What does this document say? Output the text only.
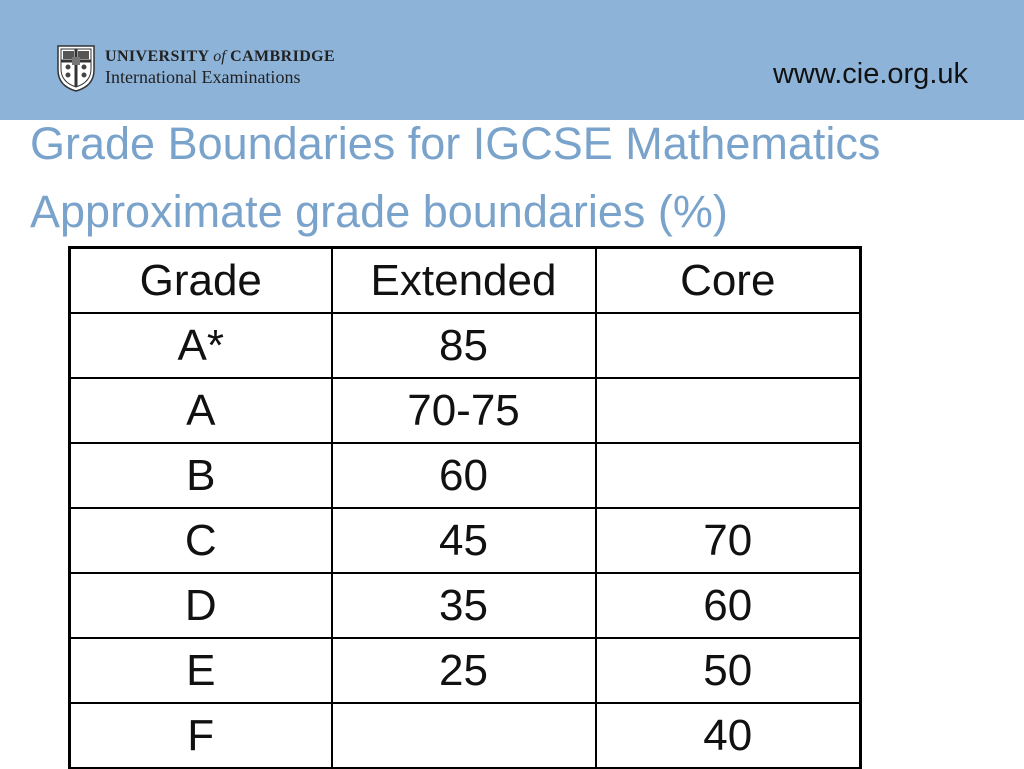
UNIVERSITY of CAMBRIDGE
International Examinations	www.cie.org.uk
Grade Boundaries for IGCSE Mathematics
Approximate grade boundaries (%)
Grade	Extended	Core
A*	85	
A	70-75	
B	60	
C	45	70
D	35	60
E	25	50
F		40
